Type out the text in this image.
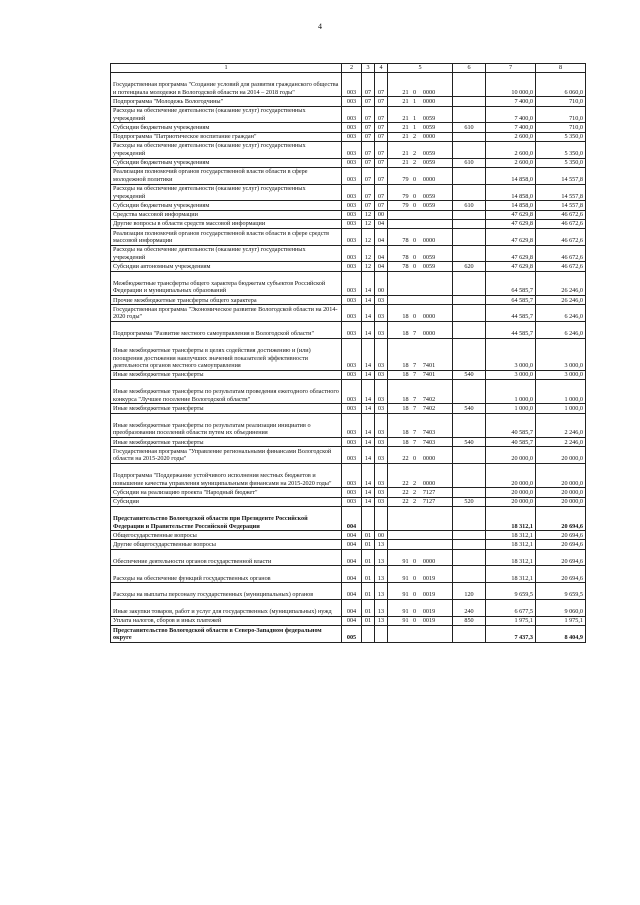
4
1	2	3	4	5	6	7	8
Государственная программа "Создание условий для развития гражданского общества и потенциала молодежи в Вологодской области на 2014 – 2018 годы"	003	07	07	21 0 0000		10 000,0	6 060,0
Подпрограмма "Молодежь Вологодчины"	003	07	07	21 1 0000		7 400,0	710,0
Расходы на обеспечение деятельности (оказание услуг) государственных учреждений	003	07	07	21 1 0059		7 400,0	710,0
Субсидии бюджетным учреждениям	003	07	07	21 1 0059	610	7 400,0	710,0
Подпрограмма "Патриотическое воспитание граждан"	003	07	07	21 2 0000		2 600,0	5 350,0
Расходы на обеспечение деятельности (оказание услуг) государственных учреждений	003	07	07	21 2 0059		2 600,0	5 350,0
Субсидии бюджетным учреждениям	003	07	07	21 2 0059	610	2 600,0	5 350,0
Реализация полномочий органов государственной власти области в сфере молодежной политики	003	07	07	79 0 0000		14 858,0	14 557,8
Расходы на обеспечение деятельности (оказание услуг) государственных учреждений	003	07	07	79 0 0059		14 858,0	14 557,8
Субсидии бюджетным учреждениям	003	07	07	79 0 0059	610	14 858,0	14 557,8
Средства массовой информации	003	12	00			47 629,8	46 672,6
Другие вопросы в области средств массовой информации	003	12	04			47 629,8	46 672,6
Реализация полномочий органов государственной власти области в сфере средств массовой информации	003	12	04	78 0 0000		47 629,8	46 672,6
Расходы на обеспечение деятельности (оказание услуг) государственных учреждений	003	12	04	78 0 0059		47 629,8	46 672,6
Субсидии автономным учреждениям	003	12	04	78 0 0059	620	47 629,8	46 672,6
Межбюджетные трансферты общего характера бюджетам субъектов Российской Федерации и муниципальных образований	003	14	00			64 585,7	26 246,0
Прочие межбюджетные трансферты общего характера	003	14	03			64 585,7	26 246,0
Государственная программа "Экономическое развитие Вологодской области на 2014-2020 годы"	003	14	03	18 0 0000		44 585,7	6 246,0
Подпрограмма "Развитие местного самоуправления в Вологодской области"	003	14	03	18 7 0000		44 585,7	6 246,0
Иные межбюджетные трансферты в целях содействия достижению и (или) поощрения достижения наилучших значений показателей эффективности деятельности органов местного самоуправления	003	14	03	18 7 7401		3 000,0	3 000,0
Иные межбюджетные трансферты	003	14	03	18 7 7401	540	3 000,0	3 000,0
Иные межбюджетные трансферты по результатам проведения ежегодного областного конкурса "Лучшее поселение Вологодской области"	003	14	03	18 7 7402		1 000,0	1 000,0
Иные межбюджетные трансферты	003	14	03	18 7 7402	540	1 000,0	1 000,0
Иные межбюджетные трансферты по результатам реализации инициатив о преобразовании поселений области путем их объединения	003	14	03	18 7 7403		40 585,7	2 246,0
Иные межбюджетные трансферты	003	14	03	18 7 7403	540	40 585,7	2 246,0
Государственная программа "Управление региональными финансами Вологодской области на 2015-2020 годы"	003	14	03	22 0 0000		20 000,0	20 000,0
Подпрограмма "Поддержание устойчивого исполнения местных бюджетов и повышение качества управления муниципальными финансами на 2015-2020 годы"	003	14	03	22 2 0000		20 000,0	20 000,0
Субсидии на реализацию проекта "Народный бюджет"	003	14	03	22 2 7127		20 000,0	20 000,0
Субсидии	003	14	03	22 2 7127	520	20 000,0	20 000,0
Представительство Вологодской области при Президенте Российской Федерации и Правительстве Российской Федерации	004					18 312,1	20 694,6
Общегосударственные вопросы	004	01	00			18 312,1	20 694,6
Другие общегосударственные вопросы	004	01	13			18 312,1	20 694,6
Обеспечение деятельности органов государственной власти	004	01	13	91 0 0000		18 312,1	20 694,6
Расходы на обеспечение функций государственных органов	004	01	13	91 0 0019		18 312,1	20 694,6
Расходы на выплаты персоналу государственных (муниципальных) органов	004	01	13	91 0 0019	120	9 659,5	9 659,5
Иные закупки товаров, работ и услуг для государственных (муниципальных) нужд	004	01	13	91 0 0019	240	6 677,5	9 060,0
Уплата налогов, сборов и иных платежей	004	01	13	91 0 0019	850	1 975,1	1 975,1
Представительство Вологодской области в Северо-Западном федеральном округе	005					7 437,3	8 404,9
